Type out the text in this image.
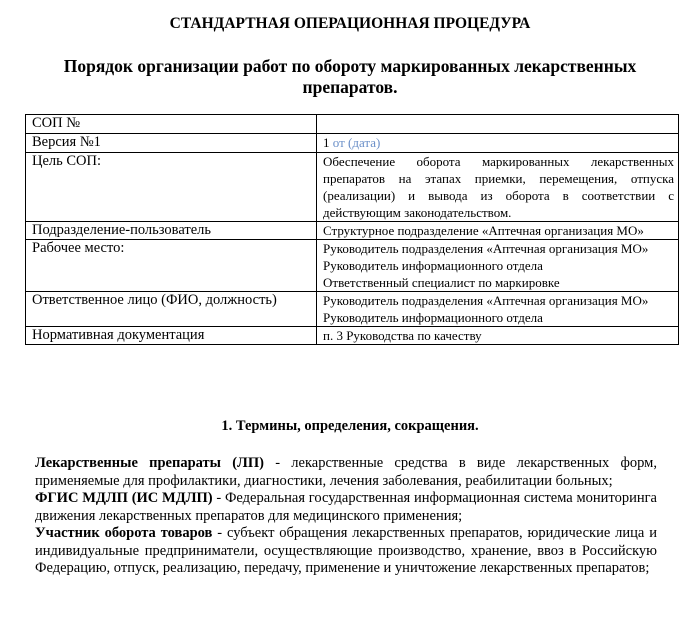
СТАНДАРТНАЯ ОПЕРАЦИОННАЯ ПРОЦЕДУРА
Порядок организации работ по обороту маркированных лекарственных препаратов.
СОП №	
Версия №1	1 от (дата)
Цель СОП:	Обеспечение оборота маркированных лекарственных препаратов на этапах приемки, перемещения, отпуска (реализации) и вывода из оборота в соответствии с действующим законодательством.
Подразделение-пользователь	Структурное подразделение «Аптечная организация МО»
Рабочее место:	Руководитель подразделения «Аптечная организация МО»
Руководитель информационного отдела
Ответственный специалист по маркировке

Ответственное лицо (ФИО, должность)	Руководитель подразделения «Аптечная организация МО»
Руководитель информационного отдела

Нормативная документация	п. 3 Руководства по качеству
1. Термины, определения, сокращения.

Лекарственные препараты (ЛП) - лекарственные средства в виде лекарственных форм, применяемые для профилактики, диагностики, лечения заболевания, реабилитации больных;

ФГИС МДЛП (ИС МДЛП) - Федеральная государственная информационная система мониторинга движения лекарственных препаратов для медицинского применения;

Участник оборота товаров - субъект обращения лекарственных препаратов, юридические лица и индивидуальные предприниматели, осуществляющие производство, хранение, ввоз в Российскую Федерацию, отпуск, реализацию, передачу, применение и уничтожение лекарственных препаратов;
